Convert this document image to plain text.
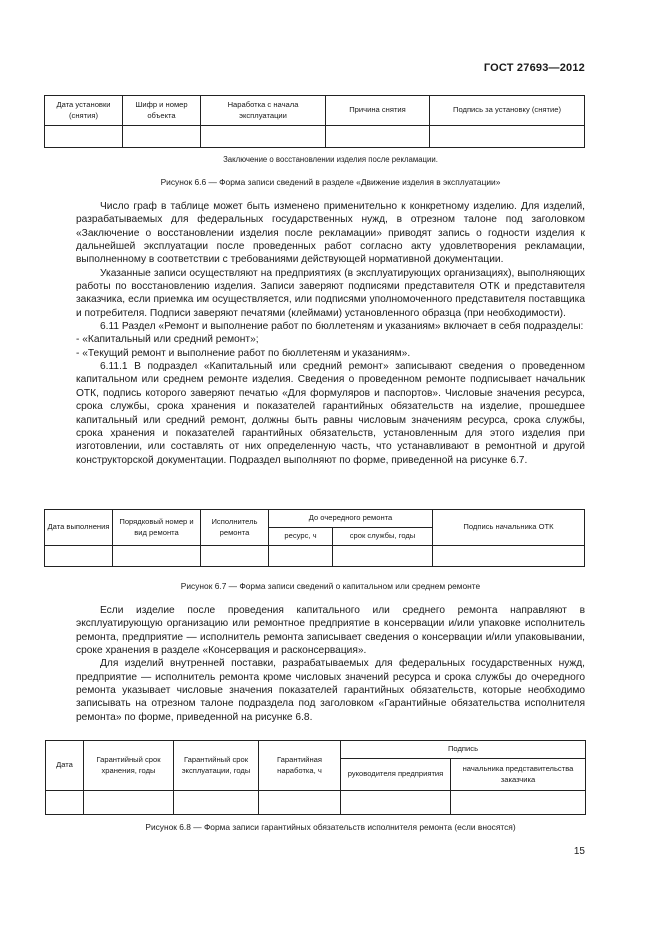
ГОСТ 27693—2012
Дата установки (снятия)	Шифр и номер объекта	Наработка с начала эксплуатации	Причина снятия	Подпись за установку (снятие)

Заключение о восстановлении изделия после рекламации.
Рисунок 6.6 — Форма записи сведений в разделе «Движение изделия в эксплуатации»

Число граф в таблице может быть изменено применительно к конкретному изделию. Для изделий, разрабатываемых для федеральных государственных нужд, в отрезном талоне под заголовком «Заключение о восстановлении изделия после рекламации» приводят запись о годности изделия к дальнейшей эксплуатации после проведенных работ согласно акту удовлетворения рекламации, выполненному в соответствии с требованиями действующей нормативной документации.

Указанные записи осуществляют на предприятиях (в эксплуатирующих организациях), выполняющих работы по восстановлению изделия. Записи заверяют подписями представителя ОТК и представителя заказчика, если приемка им осуществляется, или подписями уполномоченного представителя поставщика и потребителя. Подписи заверяют печатями (клеймами) установленного образца (при необходимости).

6.11 Раздел «Ремонт и выполнение работ по бюллетеням и указаниям» включает в себя подразделы:

- «Капитальный или средний ремонт»;

- «Текущий ремонт и выполнение работ по бюллетеням и указаниям».

6.11.1 В подраздел «Капитальный или средний ремонт» записывают сведения о проведенном капитальном или среднем ремонте изделия. Сведения о проведенном ремонте подписывает начальник ОТК, подпись которого заверяют печатью «Для формуляров и паспортов». Числовые значения ресурса, срока службы, срока хранения и показателей гарантийных обязательств на изделие, прошедшее капитальный или средний ремонт, должны быть равны числовым значениям ресурса, срока службы, срока хранения и показателей гарантийных обязательств, установленным для этого изделия при изготовлении, или составлять от них определенную часть, что устанавливают в ремонтной и другой конструкторской документации. Подраздел выполняют по форме, приведенной на рисунке 6.7.

Дата выполнения	Порядковый номер и вид ремонта	Исполнитель ремонта	До очередного ремонта		Подпись начальника ОТК
			ресурс, ч	срок службы, годы	

Рисунок 6.7 — Форма записи сведений о капитальном или среднем ремонте

Если изделие после проведения капитального или среднего ремонта направляют в эксплуатирующую организацию или ремонтное предприятие в консервации и/или упаковке исполнитель ремонта, предприятие — исполнитель ремонта записывает сведения о консервации и/или упаковывании, сроке хранения в разделе «Консервация и расконсервация».

Для изделий внутренней поставки, разрабатываемых для федеральных государственных нужд, предприятие — исполнитель ремонта кроме числовых значений ресурса и срока службы до очередного ремонта указывает числовые значения показателей гарантийных обязательств, которые необходимо записывать на отрезном талоне подраздела под заголовком «Гарантийные обязательства исполнителя ремонта» по форме, приведенной на рисунке 6.8.

Дата	Гарантийный срок хранения, годы	Гарантийный срок эксплуатации, годы	Гарантийная наработка, ч	Подпись	
				руководителя предприятия	начальника представительства заказчика

Рисунок 6.8 — Форма записи гарантийных обязательств исполнителя ремонта (если вносятся)
15
